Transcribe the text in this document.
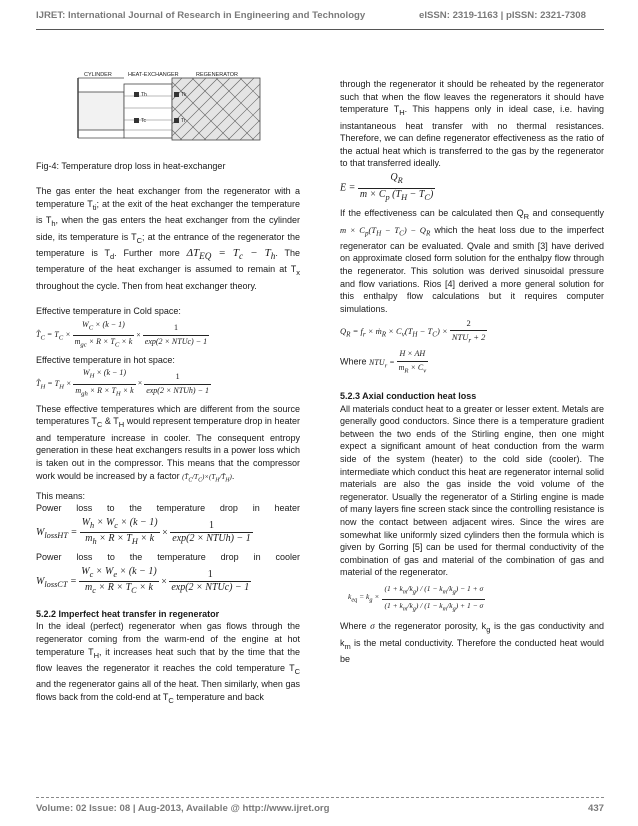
IJRET: International Journal of Research in Engineering and Technology	eISSN: 2319-1163 | pISSN: 2321-7308
CYLINDER	HEAT-EXCHANGER	REGENERATOR
Th	Tk
Tc	Tr

Fig-4: Temperature drop loss in heat-exchanger

The gas enter the heat exchanger from the regenerator with a temperature $T_{ti}$; at the exit of the heat exchanger the temperature is $T_h$, when the gas enters the heat exchanger from the cylinder side, its temperature is $T_C$; at the entrance of the regenerator the temperature is $T_d$. Further more $\Delta T_{EQ} = T_c - T_h$. The temperature of the heat exchanger is assumed to remain at $T_x$ throughout the cycle. Then from heat exchanger theory.

Effective temperature in Cold space:

$T̂_C = T_C \times \frac{W_C \times (k - 1)}{m_{gc} \times R \times T_C \times k} \times \frac{1}{\text{exp(2 × NTUc) − 1}}$

Effective temperature in hot space:

$T̂_H = T_H \times \frac{W_H \times (k - 1)}{m_{gh} \times R \times T_H \times k} \times \frac{1}{\text{exp(2 × NTUh) − 1}}$

These effective temperatures which are different from the source temperatures $T_C$ & $T_H$ would represent temperature drop in heater and temperature increase in cooler. The consequent entropy generation in these heat exchangers results in a power loss which is taken out in the compressor. This means that the compressor work would be increased by a factor $(T̂_C/T_C)\times(T_H/T̂_H)$.

This means:

Power loss to the temperature drop in heater

$W_{lossHT} = \frac{W_h \times W_c \times (k - 1)}{m_h \times R \times T_H \times k} \times \frac{1}{\text{exp(2 × NTUh) − 1}}$

Power loss to the temperature drop in cooler

$W_{lossCT} = \frac{W_c \times W_e \times (k - 1)}{m_c \times R \times T_C \times k} \times \frac{1}{\text{exp(2 × NTUc) − 1}}$

5.2.2 Imperfect heat transfer in regenerator

In the ideal (perfect) regenerator when gas flows through the regenerator coming from the warm-end of the engine at hot temperature $T_H$, it increases heat such that by the time that the flow leaves the regenerator it reaches the cold temperature $T_C$ and the regenerator gains all of the heat. Then similarly, when gas flows back from the cold-end at $T_C$ temperature and back

through the regenerator it should be reheated by the regenerator such that when the flow leaves the regenerators it should have temperature $T_H$. This happens only in ideal case, i.e. having instantaneous heat transfer with no thermal resistances. Therefore, we can define regenerator effectiveness as the ratio of the actual heat which is transferred to the gas by the regenerator to that transferred ideally.

$E = \frac{Q_R}{m \times C_p (T_H - T_C)}$

If the effectiveness can be calculated then $Q_R$ and consequently $m \times C_p(T_H - T_C) - Q_R$ which the heat loss due to the imperfect regenerator can be evaluated. Qvale and smith [3] have derived on approximate closed form solution for the enthalpy flow through the regenerator. This solution was derived sinusoidal pressure and flow variations. Rios [4] derived a more general solution for this enthalpy flow calculations but it requires computer simulations.

$Q_R = f_r$ × ṁ$_R$ × $C_v(T_H - T_C) \times \frac{2}{NTU_r + 2}$

Where $NTU_r = \frac{H \times AH}{m_R \times C_v}$

5.2.3 Axial conduction heat loss

All materials conduct heat to a greater or lesser extent. Metals are generally good conductors. Since there is a temperature gradient between the two ends of the Stirling engine, then one might expect a significant amount of heat conduction from the warm side of the system (heater) to the cold side (cooler). The intermediate which conduct this heat are regenerator internal solid materials are also the gas inside the void volume of the regenerator. Usually the regenerator of a Stirling engine is made of many layers fine screen stack since the controlling resistance is now the contact between adjacent wires. Since the wires are somewhat like uniformly sized cylinders then the formula which is given by Gorring [5] can be used for thermal conductivity of the combination of gas and material of the combination of gas and material of the regenerator.

$k_{eq} = k_g \times \frac{(1 + k_m/k_g) / (1 - k_m/k_g) - 1 + \sigma}{(1 + k_m/k_g) / (1 - k_m/k_g) + 1 - \sigma}$

Where σ the regenerator porosity, $k_g$ is the gas conductivity and $k_m$ is the metal conductivity. Therefore the conducted heat would be

Volume: 02 Issue: 08 | Aug-2013, Available @ http://www.ijret.org	437
